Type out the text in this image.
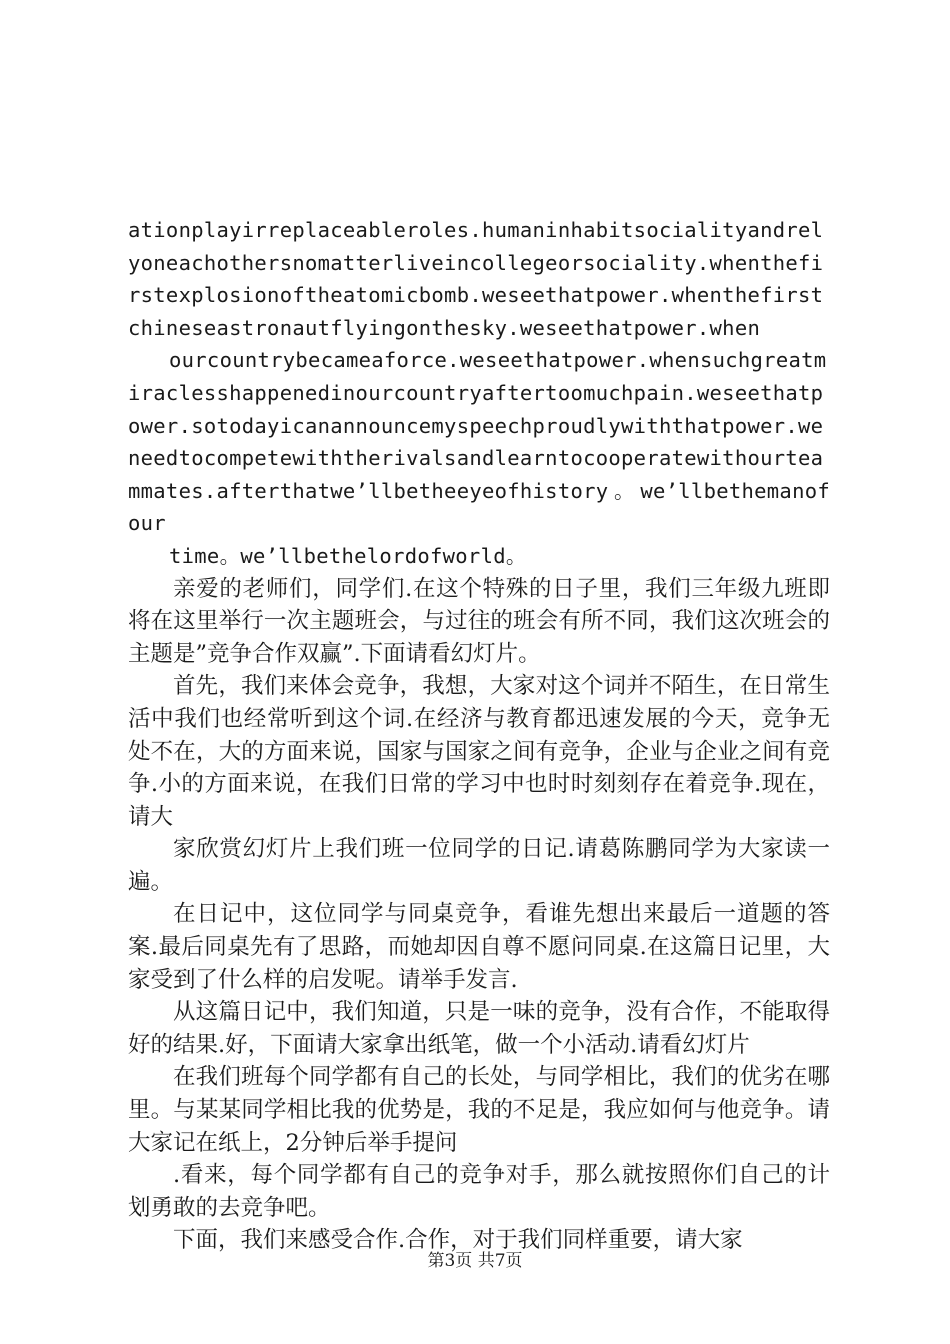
ationplayirreplaceableroles.humaninhabitsocialityandrelyoneachothersnomatterliveincollegeorsociality.whenthefirstexplosionoftheatomicbomb.weseethatpower.whenthefirstchineseastronautflyingonthesky.weseethatpower.when

ourcountrybecameaforce.weseethatpower.whensuchgreatmiraclesshappenedinourcountryaftertoomuchpain.weseethatpower.sotodayicanannouncemyspeechproudlywiththatpower.weneedtocompetewiththerivalsandlearntocooperatewithourteammates.afterthatwe’llbetheeyeofhistory。we’llbethemanofour

time。we’llbethelordofworld。

亲爱的老师们，同学们.在这个特殊的日子里，我们三年级九班即将在这里举行一次主题班会，与过往的班会有所不同，我们这次班会的主题是”竞争合作双赢”.下面请看幻灯片。

首先，我们来体会竞争，我想，大家对这个词并不陌生，在日常生活中我们也经常听到这个词.在经济与教育都迅速发展的今天，竞争无处不在，大的方面来说，国家与国家之间有竞争，企业与企业之间有竞争.小的方面来说，在我们日常的学习中也时时刻刻存在着竞争.现在，请大

家欣赏幻灯片上我们班一位同学的日记.请葛陈鹏同学为大家读一遍。

在日记中，这位同学与同桌竞争，看谁先想出来最后一道题的答案.最后同桌先有了思路，而她却因自尊不愿问同桌.在这篇日记里，大家受到了什么样的启发呢。请举手发言.

从这篇日记中，我们知道，只是一味的竞争，没有合作，不能取得好的结果.好，下面请大家拿出纸笔，做一个小活动.请看幻灯片

在我们班每个同学都有自己的长处，与同学相比，我们的优劣在哪里。与某某同学相比我的优势是，我的不足是，我应如何与他竞争。请大家记在纸上，2分钟后举手提问

.看来，每个同学都有自己的竞争对手，那么就按照你们自己的计划勇敢的去竞争吧。

下面，我们来感受合作.合作，对于我们同样重要，请大家

第3页 共7页
